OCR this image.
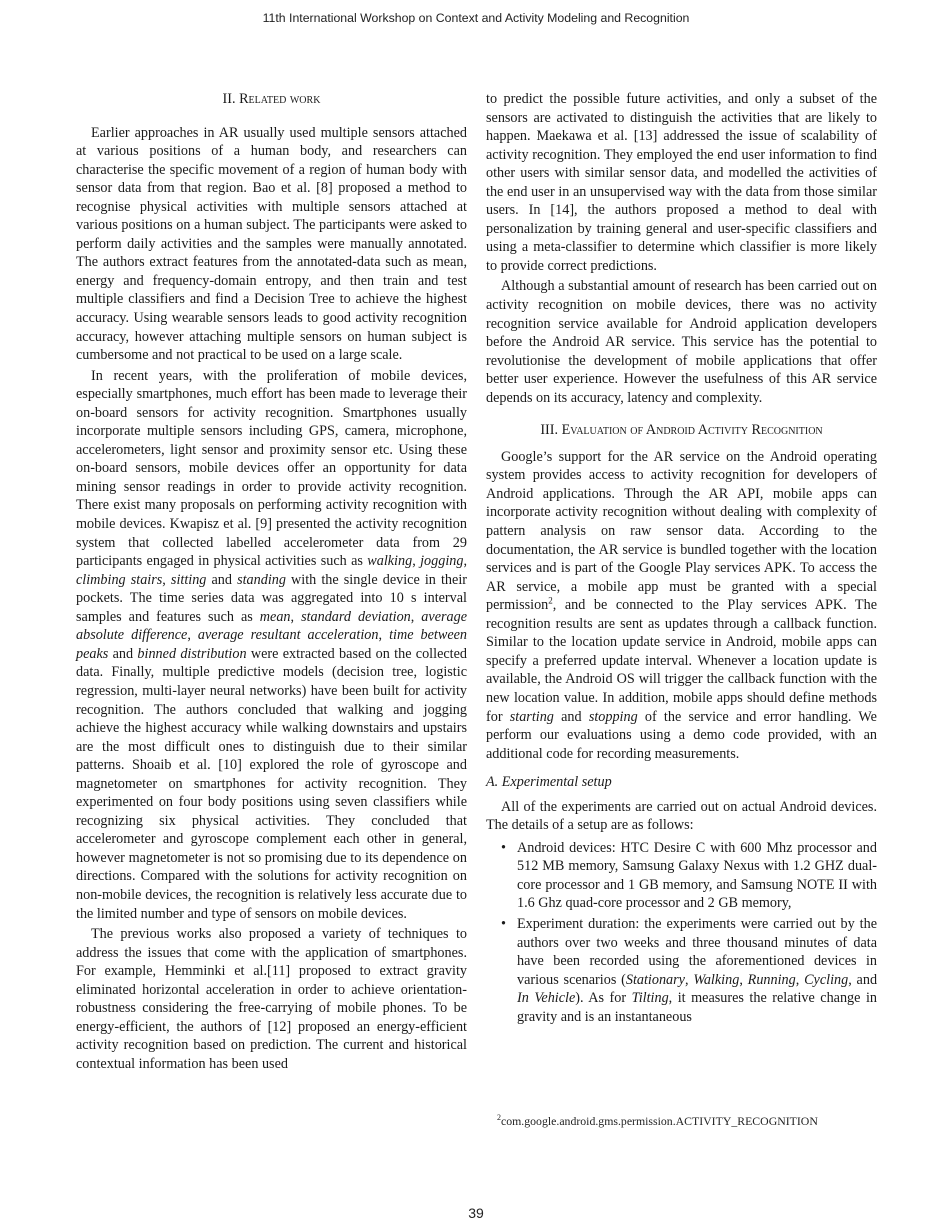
11th International Workshop on Context and Activity Modeling and Recognition
II. Related work

Earlier approaches in AR usually used multiple sensors attached at various positions of a human body, and researchers can characterise the specific movement of a region of human body with sensor data from that region. Bao et al. [8] proposed a method to recognise physical activities with multiple sensors attached at various positions on a human subject. The participants were asked to perform daily activities and the samples were manually annotated. The authors extract features from the annotated-data such as mean, energy and frequency-domain entropy, and then train and test multiple classifiers and find a Decision Tree to achieve the highest accuracy. Using wearable sensors leads to good activity recognition accuracy, however attaching multiple sensors on human subject is cumbersome and not practical to be used on a large scale.

In recent years, with the proliferation of mobile devices, especially smartphones, much effort has been made to leverage their on-board sensors for activity recognition. Smartphones usually incorporate multiple sensors including GPS, camera, microphone, accelerometers, light sensor and proximity sensor etc. Using these on-board sensors, mobile devices offer an opportunity for data mining sensor readings in order to provide activity recognition. There exist many proposals on performing activity recognition with mobile devices. Kwapisz et al. [9] presented the activity recognition system that collected labelled accelerometer data from 29 participants engaged in physical activities such as walking, jogging, climbing stairs, sitting and standing with the single device in their pockets. The time series data was aggregated into 10 s interval samples and features such as mean, standard deviation, average absolute difference, average resultant acceleration, time between peaks and binned distribution were extracted based on the collected data. Finally, multiple predictive models (decision tree, logistic regression, multi-layer neural networks) have been built for activity recognition. The authors concluded that walking and jogging achieve the highest accuracy while walking downstairs and upstairs are the most difficult ones to distinguish due to their similar patterns. Shoaib et al. [10] explored the role of gyroscope and magnetometer on smartphones for activity recognition. They experimented on four body positions using seven classifiers while recognizing six physical activities. They concluded that accelerometer and gyroscope complement each other in general, however magnetometer is not so promising due to its dependence on directions. Compared with the solutions for activity recognition on non-mobile devices, the recognition is relatively less accurate due to the limited number and type of sensors on mobile devices.

The previous works also proposed a variety of techniques to address the issues that come with the application of smartphones. For example, Hemminki et al.[11] proposed to extract gravity eliminated horizontal acceleration in order to achieve orientation-robustness considering the free-carrying of mobile phones. To be energy-efficient, the authors of [12] proposed an energy-efficient activity recognition based on prediction. The current and historical contextual information has been used

to predict the possible future activities, and only a subset of the sensors are activated to distinguish the activities that are likely to happen. Maekawa et al. [13] addressed the issue of scalability of activity recognition. They employed the end user information to find other users with similar sensor data, and modelled the activities of the end user in an unsupervised way with the data from those similar users. In [14], the authors proposed a method to deal with personalization by training general and user-specific classifiers and using a meta-classifier to determine which classifier is more likely to provide correct predictions.

Although a substantial amount of research has been carried out on activity recognition on mobile devices, there was no activity recognition service available for Android application developers before the Android AR service. This service has the potential to revolutionise the development of mobile applications that offer better user experience. However the usefulness of this AR service depends on its accuracy, latency and complexity.

III. Evaluation of Android Activity Recognition

Google’s support for the AR service on the Android operating system provides access to activity recognition for developers of Android applications. Through the AR API, mobile apps can incorporate activity recognition without dealing with complexity of pattern analysis on raw sensor data. According to the documentation, the AR service is bundled together with the location services and is part of the Google Play services APK. To access the AR service, a mobile app must be granted with a special permission$^2$, and be connected to the Play services APK. The recognition results are sent as updates through a callback function. Similar to the location update service in Android, mobile apps can specify a preferred update interval. Whenever a location update is available, the Android OS will trigger the callback function with the new location value. In addition, mobile apps should define methods for starting and stopping of the service and error handling. We perform our evaluations using a demo code provided, with an additional code for recording measurements.

A. Experimental setup

All of the experiments are carried out on actual Android devices. The details of a setup are as follows:

• Android devices: HTC Desire C with 600 Mhz processor and 512 MB memory, Samsung Galaxy Nexus with 1.2 GHZ dual-core processor and 1 GB memory, and Samsung NOTE II with 1.6 Ghz quad-core processor and 2 GB memory,
• Experiment duration: the experiments were carried out by the authors over two weeks and three thousand minutes of data have been recorded using the aforementioned devices in various scenarios (Stationary, Walking, Running, Cycling, and In Vehicle). As for Tilting, it measures the relative change in gravity and is an instantaneous
$^2$com.google.android.gms.permission.ACTIVITY_RECOGNITION
39
